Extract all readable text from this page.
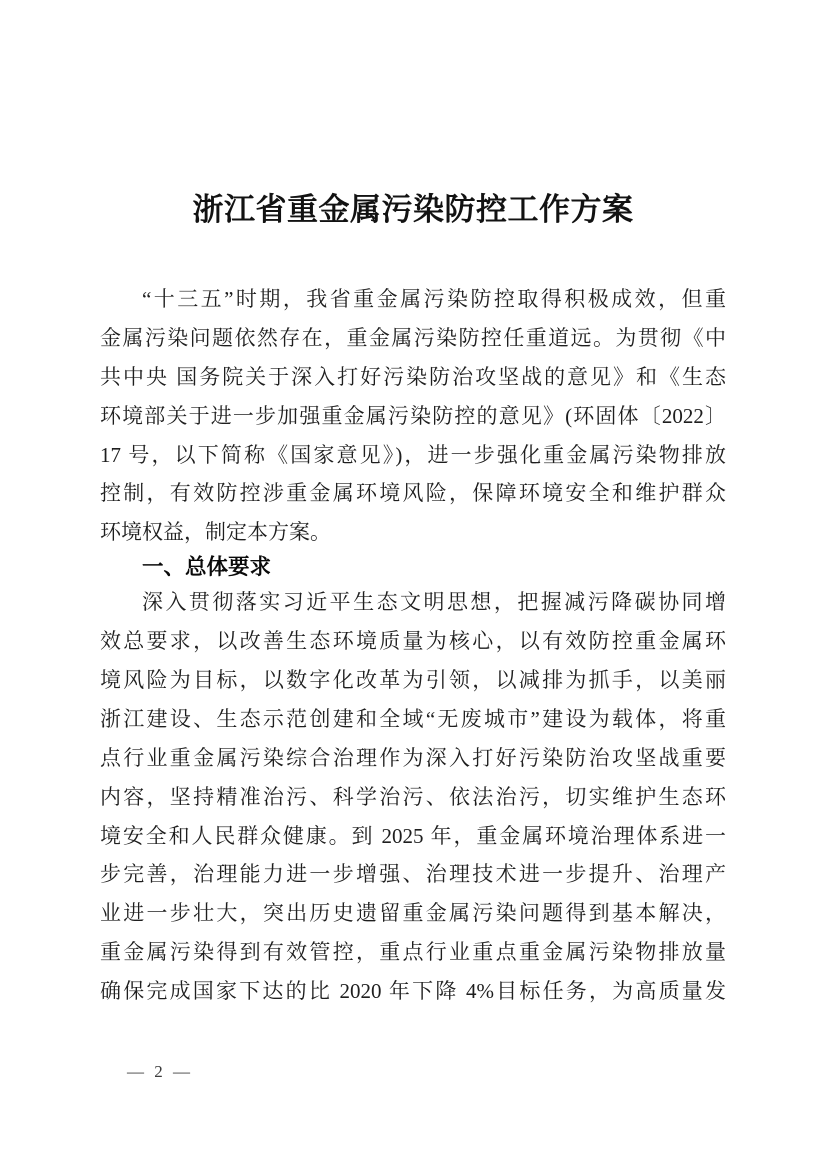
浙江省重金属污染防控工作方案
“十三五”时期，我省重金属污染防控取得积极成效，但重
金属污染问题依然存在，重金属污染防控任重道远。为贯彻《中
共中央 国务院关于深入打好污染防治攻坚战的意见》和《生态
环境部关于进一步加强重金属污染防控的意见》(环固体〔2022〕
17 号，以下简称《国家意见》)，进一步强化重金属污染物排放
控制，有效防控涉重金属环境风险，保障环境安全和维护群众
环境权益，制定本方案。
一、总体要求
深入贯彻落实习近平生态文明思想，把握减污降碳协同增
效总要求，以改善生态环境质量为核心，以有效防控重金属环
境风险为目标，以数字化改革为引领，以减排为抓手，以美丽
浙江建设、生态示范创建和全域“无废城市”建设为载体，将重
点行业重金属污染综合治理作为深入打好污染防治攻坚战重要
内容，坚持精准治污、科学治污、依法治污，切实维护生态环
境安全和人民群众健康。到 2025 年，重金属环境治理体系进一
步完善，治理能力进一步增强、治理技术进一步提升、治理产
业进一步壮大，突出历史遗留重金属污染问题得到基本解决，
重金属污染得到有效管控，重点行业重点重金属污染物排放量
确保完成国家下达的比 2020 年下降 4%目标任务，为高质量发
— 2 —
